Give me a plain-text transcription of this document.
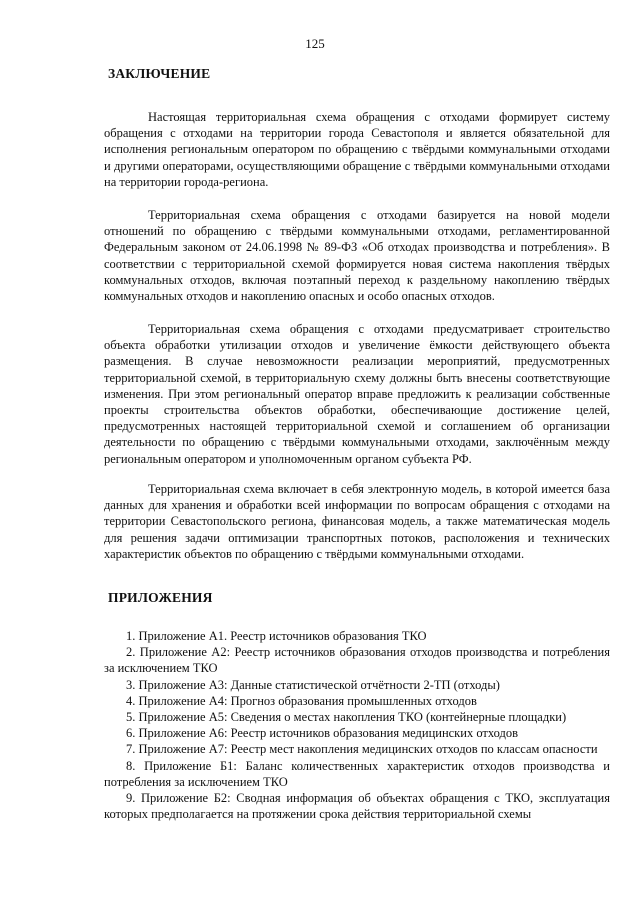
125
ЗАКЛЮЧЕНИЕ

Настоящая территориальная схема обращения с отходами формирует систему обращения с отходами на территории города Севастополя и является обязательной для исполнения региональным оператором по обращению с твёрдыми коммунальными отходами и другими операторами, осуществляющими обращение с твёрдыми коммунальными отходами на территории города-региона.

Территориальная схема обращения с отходами базируется на новой модели отношений по обращению с твёрдыми коммунальными отходами, регламентированной Федеральным законом от 24.06.1998 № 89-ФЗ «Об отходах производства и потребления». В соответствии с территориальной схемой формируется новая система накопления твёрдых коммунальных отходов, включая поэтапный переход к раздельному накоплению твёрдых коммунальных отходов и накоплению опасных и особо опасных отходов.

Территориальная схема обращения с отходами предусматривает строительство объекта обработки утилизации отходов и увеличение ёмкости действующего объекта размещения. В случае невозможности реализации мероприятий, предусмотренных территориальной схемой, в территориальную схему должны быть внесены соответствующие изменения. При этом региональный оператор вправе предложить к реализации собственные проекты строительства объектов обработки, обеспечивающие достижение целей, предусмотренных настоящей территориальной схемой и соглашением об организации деятельности по обращению с твёрдыми коммунальными отходами, заключённым между региональным оператором и уполномоченным органом субъекта РФ.

Территориальная схема включает в себя электронную модель, в которой имеется база данных для хранения и обработки всей информации по вопросам обращения с отходами на территории Севастопольского региона, финансовая модель, а также математическая модель для решения задачи оптимизации транспортных потоков, расположения и технических характеристик объектов по обращению с твёрдыми коммунальными отходами.

ПРИЛОЖЕНИЯ
1. Приложение А1. Реестр источников образования ТКО
2. Приложение А2: Реестр источников образования отходов производства и потребления за исключением ТКО
3. Приложение А3: Данные статистической отчётности 2-ТП (отходы)
4. Приложение А4: Прогноз образования промышленных отходов
5. Приложение А5: Сведения о местах накопления ТКО (контейнерные площадки)
6. Приложение А6: Реестр источников образования медицинских отходов
7. Приложение А7: Реестр мест накопления медицинских отходов по классам опасности
8. Приложение Б1: Баланс количественных характеристик отходов производства и потребления за исключением ТКО
9. Приложение Б2: Сводная информация об объектах обращения с ТКО, эксплуатация которых предполагается на протяжении срока действия территориальной схемы
